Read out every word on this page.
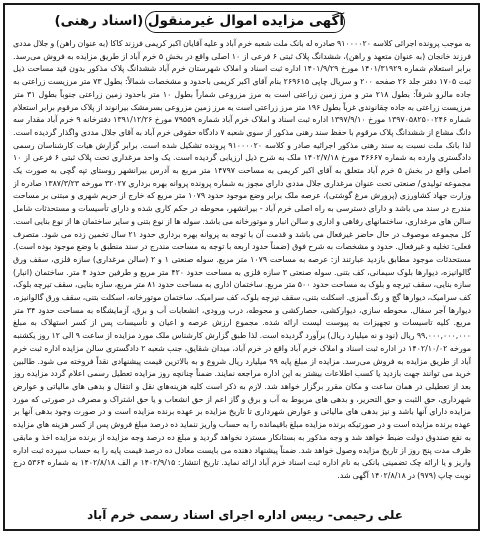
آگهی مزایده اموال غیرمنقول (اسناد رهنی)

به موجب پرونده اجرائی کلاسه ۹۱۰۰۰۰۲۰ صادره له بانک ملت شعبه خرم آباد و علیه آقایان اکبر کریمی فرزند کاکا (به عنوان راهن) و جلال مددی فرزند خانجان (به عنوان متعهد و راهن)، ششدانگ پلاک ثبتی ۶ فرعی از ۱۰ اصلی واقع در بخش ۵ خرم آباد از طریق مزایده به فروش می‌رسد. برابر استعلام شماره ۱۴۰۱/۳۱۹۲۹ مورخ ۱۴۰۱/۹/۲۹ اداره ثبت اسناد و املاک شهرستان خرم آباد ششدانگ پلاک مذکور بدون قید مساحت ذیل ثبت ۱۷۰۵ دفتر جلد ۲۶ صفحه ۲۰۰ و سریال چاپی ۲۶۹۶۱۵ بنام آقای اکبر کریمی باحدود و مشخصات شمالاً: بطول ۷۳ متر مرزیست زراعتی به جاده مالرو شرقاً: بطول ۲۱۸ متر و مرز زمین زراعتی است به مرز مزروعی شماراً بطول ۱۰ متر باحدود زمین زراعتی جنوباً بطول ۳۱ متر مرزیست زراعتی به جاده چقانوندی غرباً بطول ۱۹۶ متر مرز زراعتی است به مرز زمین مزروعی بسرمشک بیرانوند از پلاک مرقوم برابر استعلام شماره ۱۳۹۷۰۵۸۲۵۰۰۲۴۶ مورخ ۱۳۹۷/۹/۱۰ اداره ثبت اسناد و املاک خرم آباد شماره ۷۹۵۵۹ مورخ ۱۳۹۱/۱۲/۲۶ دفترخانه ۹ خرم آباد مقدار سه دانگ مشاع از ششدانگ پلاک مرقوم با حفظ سند رهنی مذکور از سوی شعبه ۷ دادگاه حقوقی خرم آباد به آقای جلال مددی واگذار گردیده است. لذا بانک ملت نسبت به سند رهنی مذکور اجرائیه صادر و کلاسه ۹۱۰۰۰۰۲۰ پرونده تشکیل شده است. برابر گزارش هیات کارشناسان رسمی دادگستری وارده به شماره ۴۶۶۶۷ مورخ ۱۴۰۲/۷/۱۸ ملک به شرح ذیل ارزیابی گردیده است. یک واحد مرغداری تحت پلاک ثبتی ۶ فرعی از ۱۰ اصلی واقع در بخش ۵ خرم آباد متعلق به آقای اکبر کریمی به مساحت ۱۴۷۹۷ متر مربع به آدرس بیرانشهر روستای تپه گچی به صورت یک مجموعه تولیدی/ صنعتی تحت عنوان مرغداری جلال مددی دارای مجوز به شماره پرونده پروانه بهره برداری ۳۲۰۲۷ مورخه ۱۳۸۷/۳/۲۳ صادره از وزارت جهاد کشاورزی (پرورش مرغ گوشتی)، عرصه ملک برابر وضع موجود حدود ۱۰۷۹ متر مربع که خارج از حریم شهری و مبتنی بر مساحت مندرج در سند می باشد و دارای دسترسی به راه اصلی خرم آباد - بیرانشهر، محوطه در حکم کاری شده و دارای تأسیسات و مستحدثات شامل سالن های مرغداری، ساختمانهای رفاهی و اداری و سالن انبار و موتورخانه می باشد. سوله ها از نوع بتنی و سایر ساختمان ها از نوع بنایی است. کل مجموعه موصوف در حال حاضر غیرفعال می باشد و قدمت آن با توجه به پروانه بهره برداری حدود ۲۱ سال تخمین زده می شود. متصرف فعلی: تخلیه و غیرفعال. حدود و مشخصات به شرح فوق (ضمناً حدود اربعه با توجه به مساحت مندرج در سند منطبق با وضع موجود بوده است). مستحدثات موجود مطابق بازدید عبارتند از: عرصه به مساحت ۱۰۷۹ متر مربع. سوله صنعتی ۱ و ۲ (سالن مرغداری) سازه فلزی، سقف ورق گالوانیزه، دیوارها بلوک سیمانی، کف بتنی. سوله صنعتی ۳ سازه فلزی به مساحت حدود ۴۲۰ متر مربع و طرفین حدود ۴ متر. ساختمان (انبار) سازه بنایی، سقف تیرچه و بلوک به مساحت حدود ۵۰۰ متر مربع. ساختمان اداری به مساحت حدود ۸۱ متر مربع، سازه بنایی، سقف تیرچه بلوک، کف سرامیک، دیوارها گچ و رنگ آمیزی. اسکلت بتنی، سقف تیرچه بلوک، کف سرامیک. ساختمان موتورخانه، اسکلت بتنی، سقف ورق گالوانیزه، دیوارها آجر سفال. محوطه سازی، دیوارکشی، حصارکشی و محوطه، درب ورودی، انشعابات آب و برق، آزمایشگاه به مساحت حدود ۳۴ متر مربع. کلیه تاسیسات و تجهیزات به پیوست لیست ارائه شده. مجموع ارزش عرصه و اعیان و تأسیسات پس از کسر استهلاک به مبلغ ۹۹,۰۰۰,۰۰۰,۰۰۰ ریال (نود و نه میلیارد ریال) برآورد گردیده است. لذا طبق گزارش کارشناس ملک مورد مزایده از ساعت ۹ الی ۱۲ روز یکشنبه مورخه ۱۴۰۲/۱۰/۰۲ در اداره ثبت اسناد و املاک خرم آباد واقع در خرم آباد، میدان شقایق، جنب شعبه ۲ دادگستری سالن مزایده اداره ثبت خرم آباد از طریق مزایده به فروش می‌رسد. مزایده از مبلغ پایه ۹۹ میلیارد ریال شروع و به بالاترین قیمت پیشنهادی نقداً فروخته می شود. طالبین خرید می توانند جهت بازدید یا کسب اطلاعات بیشتر به این اداره مراجعه نمایند. ضمناً چنانچه روز مزایده تعطیل رسمی اعلام گردد مزایده روز بعد از تعطیلی در همان ساعت و مکان مقرر برگزار خواهد شد. لازم به ذکر است کلیه هزینه‌های نقل و انتقال و بدهی های مالیاتی و عوارض شهرداری، حق الثبت و حق التحریر، و بدهی های مربوط به آب و برق و گاز اعم از حق انشعاب و یا حق اشتراک و مصرف در صورتی که مورد مزایده دارای آنها باشد و نیز بدهی های مالیاتی و عوارض شهرداری تا تاریخ مزایده بر عهده برنده مزایده است و در صورت وجود بدهی آنها بر عهده برنده مزایده است و در صورتیکه برنده مزایده مبلغ باقیمانده را به حساب واریز ننماید ده درصد مبلغ فروش پس از کسر هزینه های مزایده به نفع صندوق دولت ضبط خواهد شد و وجه مذکور به بستانکار مسترد نخواهد گردید و مبلغ ده درصد وجه مزایده از برنده مزایده اخذ و مابقی ظرف مدت پنج روز از تاریخ مزایده وصول خواهد شد. ضمناً پیشنهاد دهنده می بایست معادل ده درصد قیمت پایه را به حساب سپرده ثبت اداره واریز و یا ارائه چک تضمینی بانکی به نام اداره ثبت اسناد خرم آباد ارائه نماید. تاریخ انتشار: ۱۴۰۲/۹/۱۵ م الف ۱۴۰۲/۸/۱۸ به شماره ۵۳۶۴ درج نوبت چاپ (۹۷۹) در ۱۴۰۲/۸/۱۸ آگهی شد.

علی رحیمی- رییس اداره اجرای اسناد رسمی خرم آباد
